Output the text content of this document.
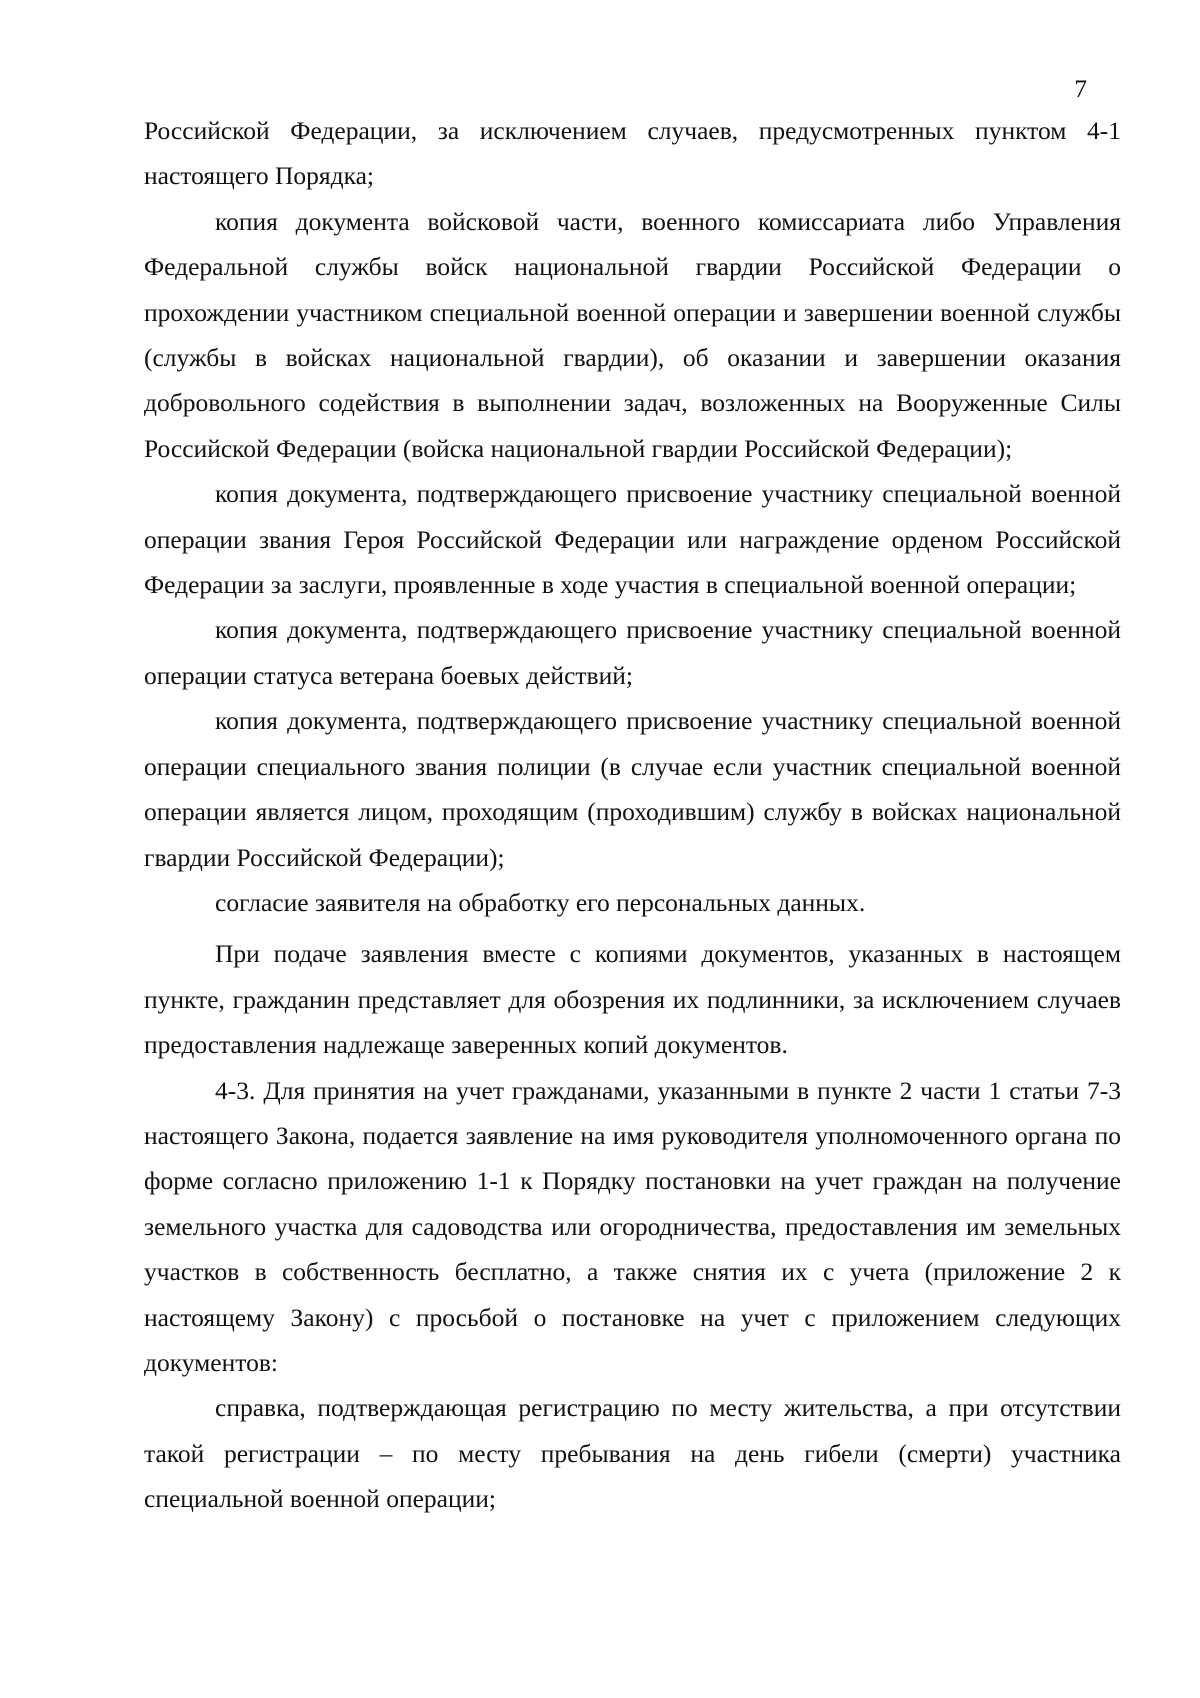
7

Российской Федерации, за исключением случаев, предусмотренных пунктом 4-1 настоящего Порядка;

копия документа войсковой части, военного комиссариата либо Управления Федеральной службы войск национальной гвардии Российской Федерации о прохождении участником специальной военной операции и завершении военной службы (службы в войсках национальной гвардии), об оказании и завершении оказания добровольного содействия в выполнении задач, возложенных на Вооруженные Силы Российской Федерации (войска национальной гвардии Российской Федерации);

копия документа, подтверждающего присвоение участнику специальной военной операции звания Героя Российской Федерации или награждение орденом Российской Федерации за заслуги, проявленные в ходе участия в специальной военной операции;

копия документа, подтверждающего присвоение участнику специальной военной операции статуса ветерана боевых действий;

копия документа, подтверждающего присвоение участнику специальной военной операции специального звания полиции (в случае если участник специальной военной операции является лицом, проходящим (проходившим) службу в войсках национальной гвардии Российской Федерации);

согласие заявителя на обработку его персональных данных.

При подаче заявления вместе с копиями документов, указанных в настоящем пункте, гражданин представляет для обозрения их подлинники, за исключением случаев предоставления надлежаще заверенных копий документов.

4-3. Для принятия на учет гражданами, указанными в пункте 2 части 1 статьи 7-3 настоящего Закона, подается заявление на имя руководителя уполномоченного органа по форме согласно приложению 1-1 к Порядку постановки на учет граждан на получение земельного участка для садоводства или огородничества, предоставления им земельных участков в собственность бесплатно, а также снятия их с учета (приложение 2 к настоящему Закону) с просьбой о постановке на учет с приложением следующих документов:

справка, подтверждающая регистрацию по месту жительства, а при отсутствии такой регистрации – по месту пребывания на день гибели (смерти) участника специальной военной операции;
